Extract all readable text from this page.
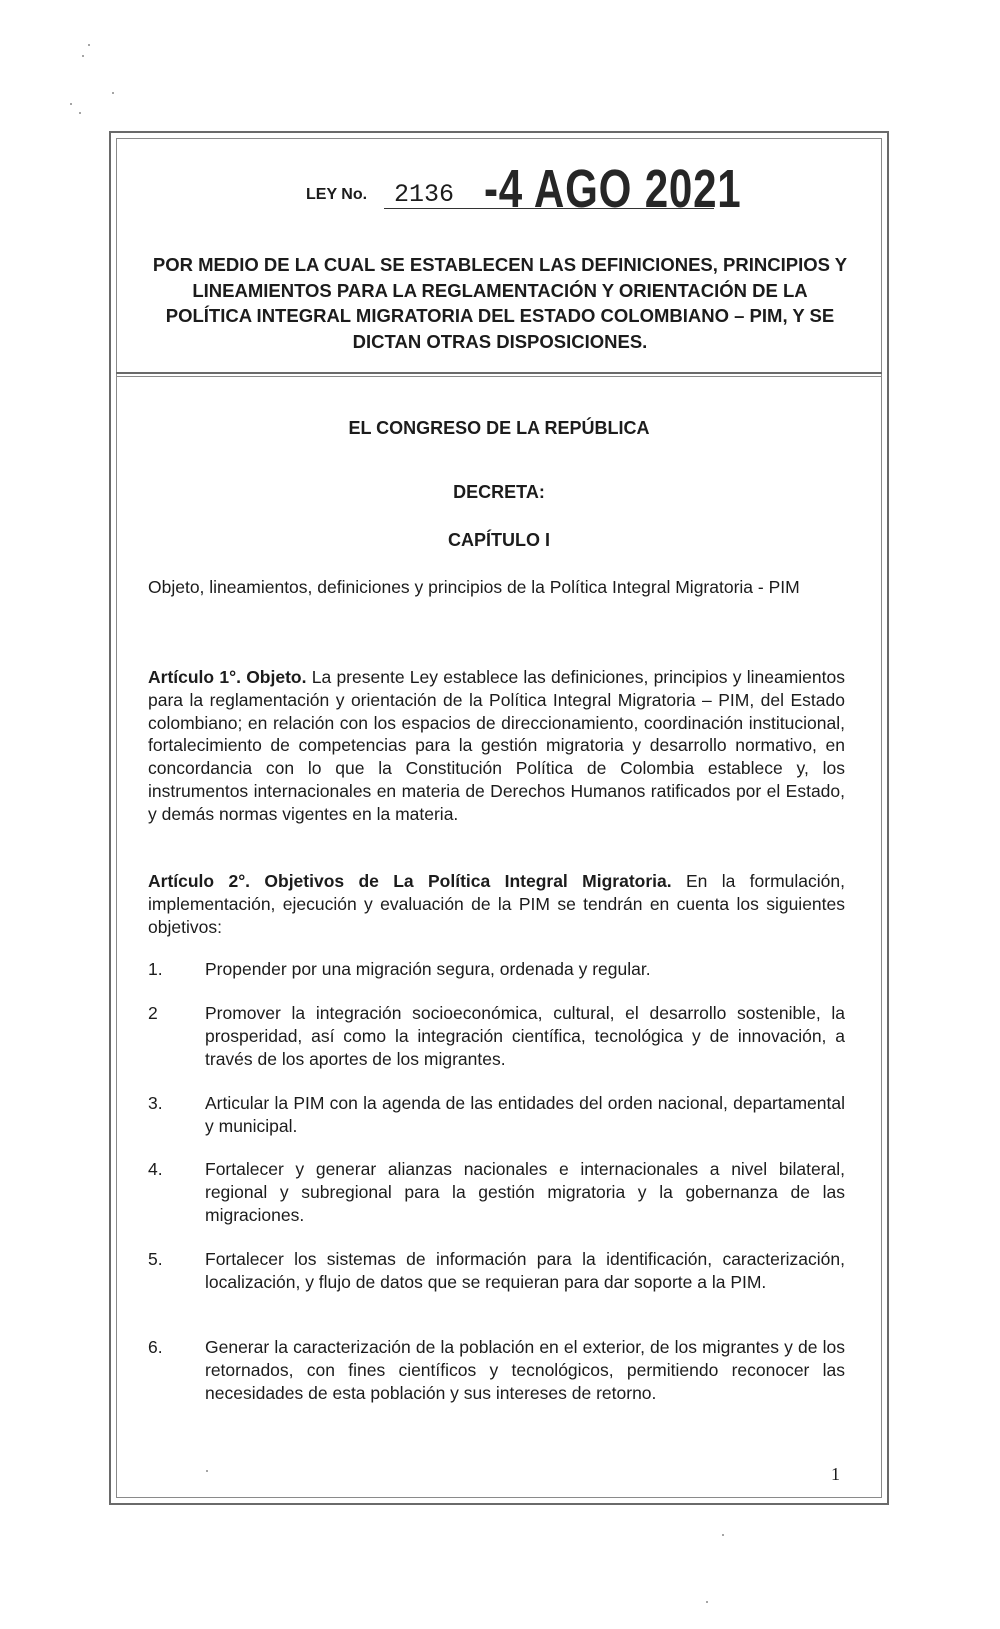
LEY No. 2136 -4 AGO 2021
POR MEDIO DE LA CUAL SE ESTABLECEN LAS DEFINICIONES, PRINCIPIOS Y LINEAMIENTOS PARA LA REGLAMENTACIÓN Y ORIENTACIÓN DE LA POLÍTICA INTEGRAL MIGRATORIA DEL ESTADO COLOMBIANO – PIM, Y SE DICTAN OTRAS DISPOSICIONES.
EL CONGRESO DE LA REPÚBLICA
DECRETA:
CAPÍTULO I
Objeto, lineamientos, definiciones y principios de la Política Integral Migratoria - PIM
Artículo 1°. Objeto. La presente Ley establece las definiciones, principios y lineamientos para la reglamentación y orientación de la Política Integral Migratoria – PIM, del Estado colombiano; en relación con los espacios de direccionamiento, coordinación institucional, fortalecimiento de competencias para la gestión migratoria y desarrollo normativo, en concordancia con lo que la Constitución Política de Colombia establece y, los instrumentos internacionales en materia de Derechos Humanos ratificados por el Estado, y demás normas vigentes en la materia.
Artículo 2°. Objetivos de La Política Integral Migratoria. En la formulación, implementación, ejecución y evaluación de la PIM se tendrán en cuenta los siguientes objetivos:
1. Propender por una migración segura, ordenada y regular.
2	Promover la integración socioeconómica, cultural, el desarrollo sostenible, la prosperidad, así como la integración científica, tecnológica y de innovación, a través de los aportes de los migrantes.
3. Articular la PIM con la agenda de las entidades del orden nacional, departamental y municipal.
4. Fortalecer y generar alianzas nacionales e internacionales a nivel bilateral, regional y subregional para la gestión migratoria y la gobernanza de las migraciones.
5. Fortalecer los sistemas de información para la identificación, caracterización, localización, y flujo de datos que se requieran para dar soporte a la PIM.
6. Generar la caracterización de la población en el exterior, de los migrantes y de los retornados, con fines científicos y tecnológicos, permitiendo reconocer las necesidades de esta población y sus intereses de retorno.
1
